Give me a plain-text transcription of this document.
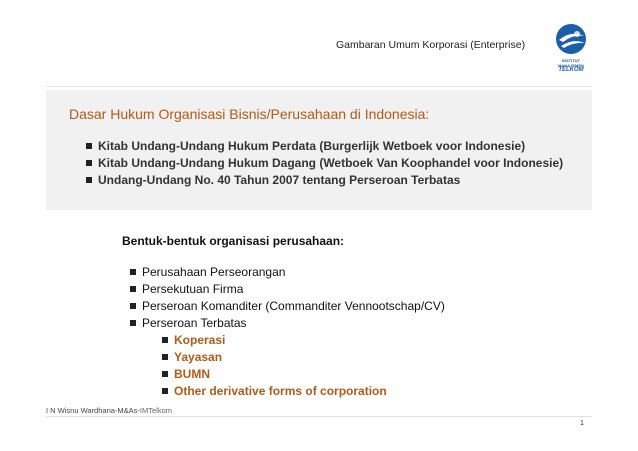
Gambaran Umum Korporasi (Enterprise)
INSTITUT MANAJEMEN
TELKOM
Dasar Hukum Organisasi Bisnis/Perusahaan di Indonesia:
Kitab Undang-Undang Hukum Perdata (Burgerlijk Wetboek voor Indonesie)
Kitab Undang-Undang Hukum Dagang (Wetboek Van Koophandel voor Indonesie)
Undang-Undang No. 40 Tahun 2007 tentang Perseroan Terbatas
Bentuk-bentuk organisasi perusahaan:
Perusahaan Perseorangan
Persekutuan Firma
Perseroan Komanditer (Commanditer Vennootschap/CV)
Perseroan Terbatas
Koperasi
Yayasan
BUMN
Other derivative forms of corporation
I N Wisnu Wardhana-M&As-IMTelkom
1
